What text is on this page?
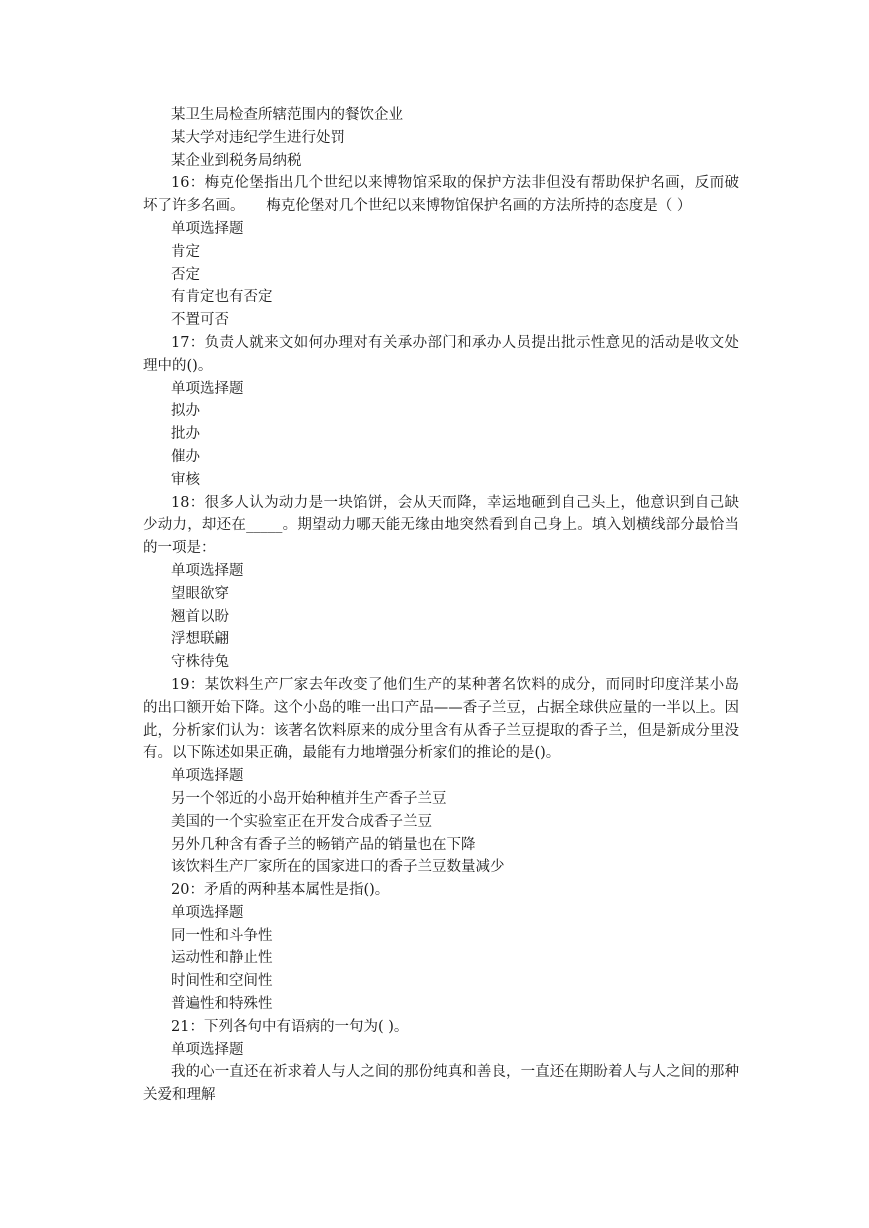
某卫生局检查所辖范围内的餐饮企业
某大学对违纪学生进行处罚
某企业到税务局纳税
16：梅克伦堡指出几个世纪以来博物馆采取的保护方法非但没有帮助保护名画，反而破坏了许多名画。　　梅克伦堡对几个世纪以来博物馆保护名画的方法所持的态度是（ ）
单项选择题
肯定
否定
有肯定也有否定
不置可否
17：负责人就来文如何办理对有关承办部门和承办人员提出批示性意见的活动是收文处理中的()。
单项选择题
拟办
批办
催办
审核
18：很多人认为动力是一块馅饼，会从天而降，幸运地砸到自己头上，他意识到自己缺少动力，却还在_____。期望动力哪天能无缘由地突然看到自己身上。填入划横线部分最恰当的一项是：
单项选择题
望眼欲穿
翘首以盼
浮想联翩
守株待兔
19：某饮料生产厂家去年改变了他们生产的某种著名饮料的成分，而同时印度洋某小岛的出口额开始下降。这个小岛的唯一出口产品——香子兰豆，占据全球供应量的一半以上。因此，分析家们认为：该著名饮料原来的成分里含有从香子兰豆提取的香子兰，但是新成分里没有。以下陈述如果正确，最能有力地增强分析家们的推论的是()。
单项选择题
另一个邻近的小岛开始种植并生产香子兰豆
美国的一个实验室正在开发合成香子兰豆
另外几种含有香子兰的畅销产品的销量也在下降
该饮料生产厂家所在的国家进口的香子兰豆数量减少
20：矛盾的两种基本属性是指()。
单项选择题
同一性和斗争性
运动性和静止性
时间性和空间性
普遍性和特殊性
21：下列各句中有语病的一句为( )。
单项选择题
我的心一直还在祈求着人与人之间的那份纯真和善良，一直还在期盼着人与人之间的那种关爱和理解
